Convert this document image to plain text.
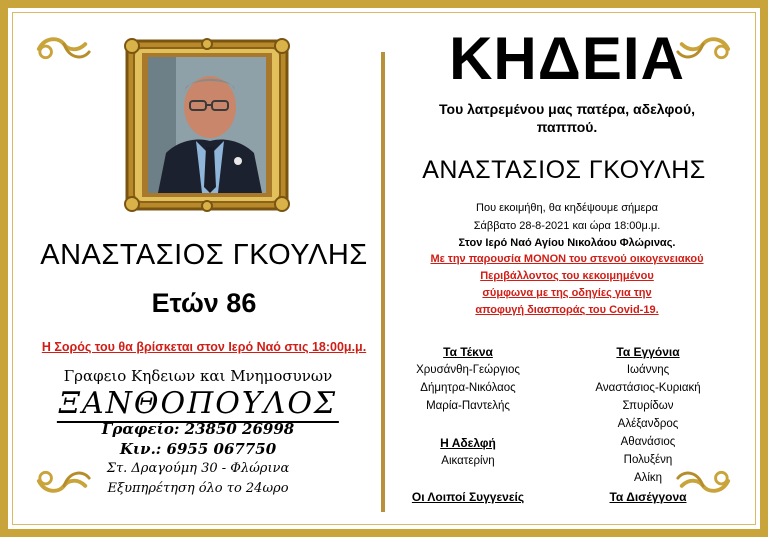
ΑΝΑΣΤΑΣΙΟΣ ΓΚΟΥΛΗΣ
Ετών 86
Η Σορός του θα βρίσκεται στον Ιερό Ναό στις 18:00μ.μ.
Γραφειο Κηδειων και Μνημοσυνων
ΞΑΝΘΟΠΟΥΛΟΣ
Γραφείο: 23850 26998
Κιν.: 6955 067750
Στ. Δραγούμη 30 - Φλώρινα
Εξυπηρέτηση όλο το 24ωρο
ΚΗΔΕΙΑ
Του λατρεμένου μας πατέρα, αδελφού,
παππού.
ΑΝΑΣΤΑΣΙΟΣ ΓΚΟΥΛΗΣ
Που εκοιμήθη, θα κηδέψουμε σήμερα
Σάββατο 28-8-2021 και ώρα 18:00μ.μ.
Στον Ιερό Ναό Αγίου Νικολάου Φλώρινας.
Με την παρουσία ΜΟΝΟΝ του στενού οικογενειακού
Περιβάλλοντος του κεκοιμημένου
σύμφωνα με της οδηγίες για την
αποφυγή διασποράς του Covid-19.
Τα Τέκνα
Χρυσάνθη-Γεώργιος
Δήμητρα-Νικόλαος
Μαρία-Παντελής
Η Αδελφή
Αικατερίνη
Οι Λοιποί Συγγενείς
Τα Εγγόνια
Ιωάννης
Αναστάσιος-Κυριακή
Σπυρίδων
Αλέξανδρος
Αθανάσιος
Πολυξένη
Αλίκη
Τα Δισέγγονα
